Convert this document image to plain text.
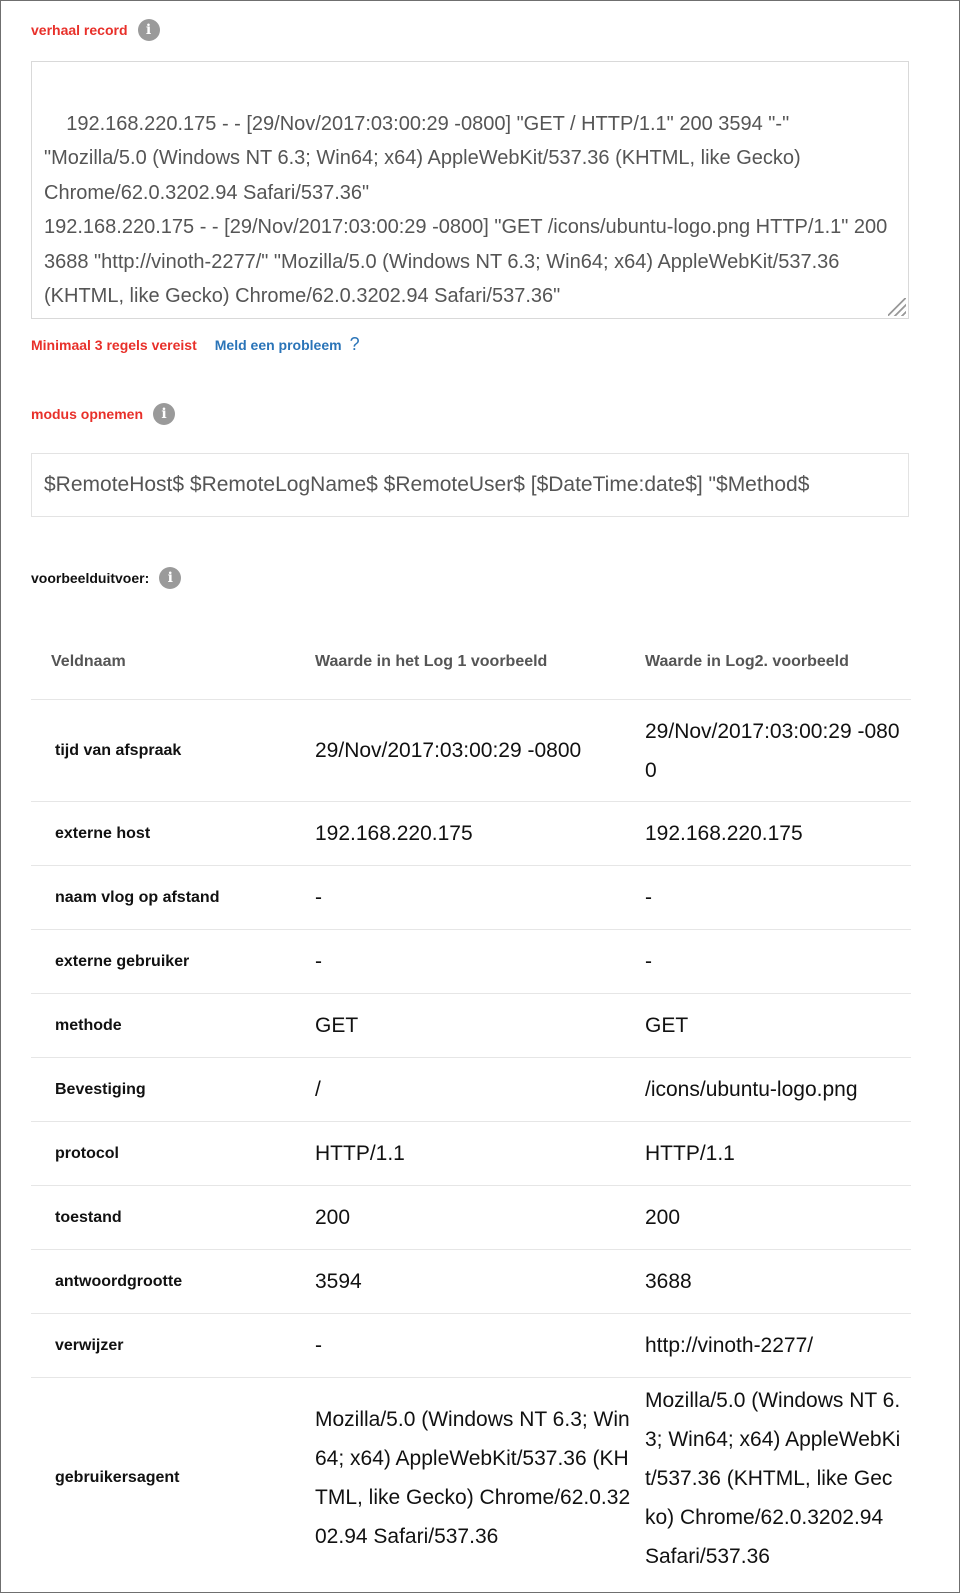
verhaal record	i

192.168.220.175 - - [29/Nov/2017:03:00:29 -0800] "GET / HTTP/1.1" 200 3594 "-" "Mozilla/5.0 (Windows NT 6.3; Win64; x64) AppleWebKit/537.36 (KHTML, like Gecko) Chrome/62.0.3202.94 Safari/537.36"
192.168.220.175 - - [29/Nov/2017:03:00:29 -0800] "GET /icons/ubuntu-logo.png HTTP/1.1" 200 3688 "http://vinoth-2277/" "Mozilla/5.0 (Windows NT 6.3; Win64; x64) AppleWebKit/537.36 (KHTML, like Gecko) Chrome/62.0.3202.94 Safari/537.36"

Minimaal 3 regels vereist Meld een probleem ?
modus opnemen	i
$RemoteHost$ $RemoteLogName$ $RemoteUser$ [$DateTime:date$] "$Method$
voorbeelduitvoer:	i
Veldnaam	Waarde in het Log 1 voorbeeld	Waarde in Log2. voorbeeld
tijd van afspraak	29/Nov/2017:03:00:29 -0800	29/Nov/2017:03:00:29 -0800
externe host	192.168.220.175	192.168.220.175
naam vlog op afstand	-	-
externe gebruiker	-	-
methode	GET	GET
Bevestiging	/	/icons/ubuntu-logo.png
protocol	HTTP/1.1	HTTP/1.1
toestand	200	200
antwoordgrootte	3594	3688
verwijzer	-	http://vinoth-2277/
gebruikersagent	Mozilla/5.0 (Windows NT 6.3; Win64; x64) AppleWebKit/537.36 (KHTML, like Gecko) Chrome/62.0.3202.94 Safari/537.36	Mozilla/5.0 (Windows NT 6.3; Win64; x64) AppleWebKit/537.36 (KHTML, like Gecko) Chrome/62.0.3202.94 Safari/537.36
